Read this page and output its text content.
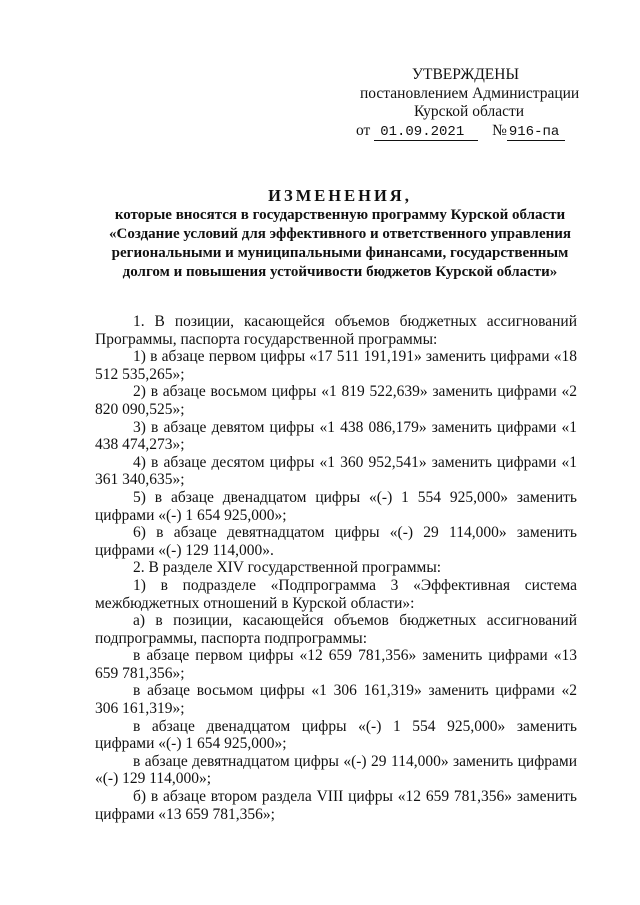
УТВЕРЖДЕНЫ
постановлением Администрации
Курской области
от 01.09.2021 № 916-па
ИЗМЕНЕНИЯ,
которые вносятся в государственную программу Курской области
«Создание условий для эффективного и ответственного управления
региональными и муниципальными финансами, государственным
долгом и повышения устойчивости бюджетов Курской области»

1. В позиции, касающейся объемов бюджетных ассигнований Программы, паспорта государственной программы:

1) в абзаце первом цифры «17 511 191,191» заменить цифрами «18 512 535,265»;

2) в абзаце восьмом цифры «1 819 522,639» заменить цифрами «2 820 090,525»;

3) в абзаце девятом цифры «1 438 086,179» заменить цифрами «1 438 474,273»;

4) в абзаце десятом цифры «1 360 952,541» заменить цифрами «1 361 340,635»;

5) в абзаце двенадцатом цифры «(-) 1 554 925,000» заменить цифрами «(-) 1 654 925,000»;

6) в абзаце девятнадцатом цифры «(-) 29 114,000» заменить цифрами «(-) 129 114,000».

2. В разделе XIV государственной программы:

1) в подразделе «Подпрограмма 3 «Эффективная система межбюджетных отношений в Курской области»:

а) в позиции, касающейся объемов бюджетных ассигнований подпрограммы, паспорта подпрограммы:

в абзаце первом цифры «12 659 781,356» заменить цифрами «13 659 781,356»;

в абзаце восьмом цифры «1 306 161,319» заменить цифрами «2 306 161,319»;

в абзаце двенадцатом цифры «(-) 1 554 925,000» заменить цифрами «(-) 1 654 925,000»;

в абзаце девятнадцатом цифры «(-) 29 114,000» заменить цифрами «(-) 129 114,000»;

б) в абзаце втором раздела VIII цифры «12 659 781,356» заменить цифрами «13 659 781,356»;
